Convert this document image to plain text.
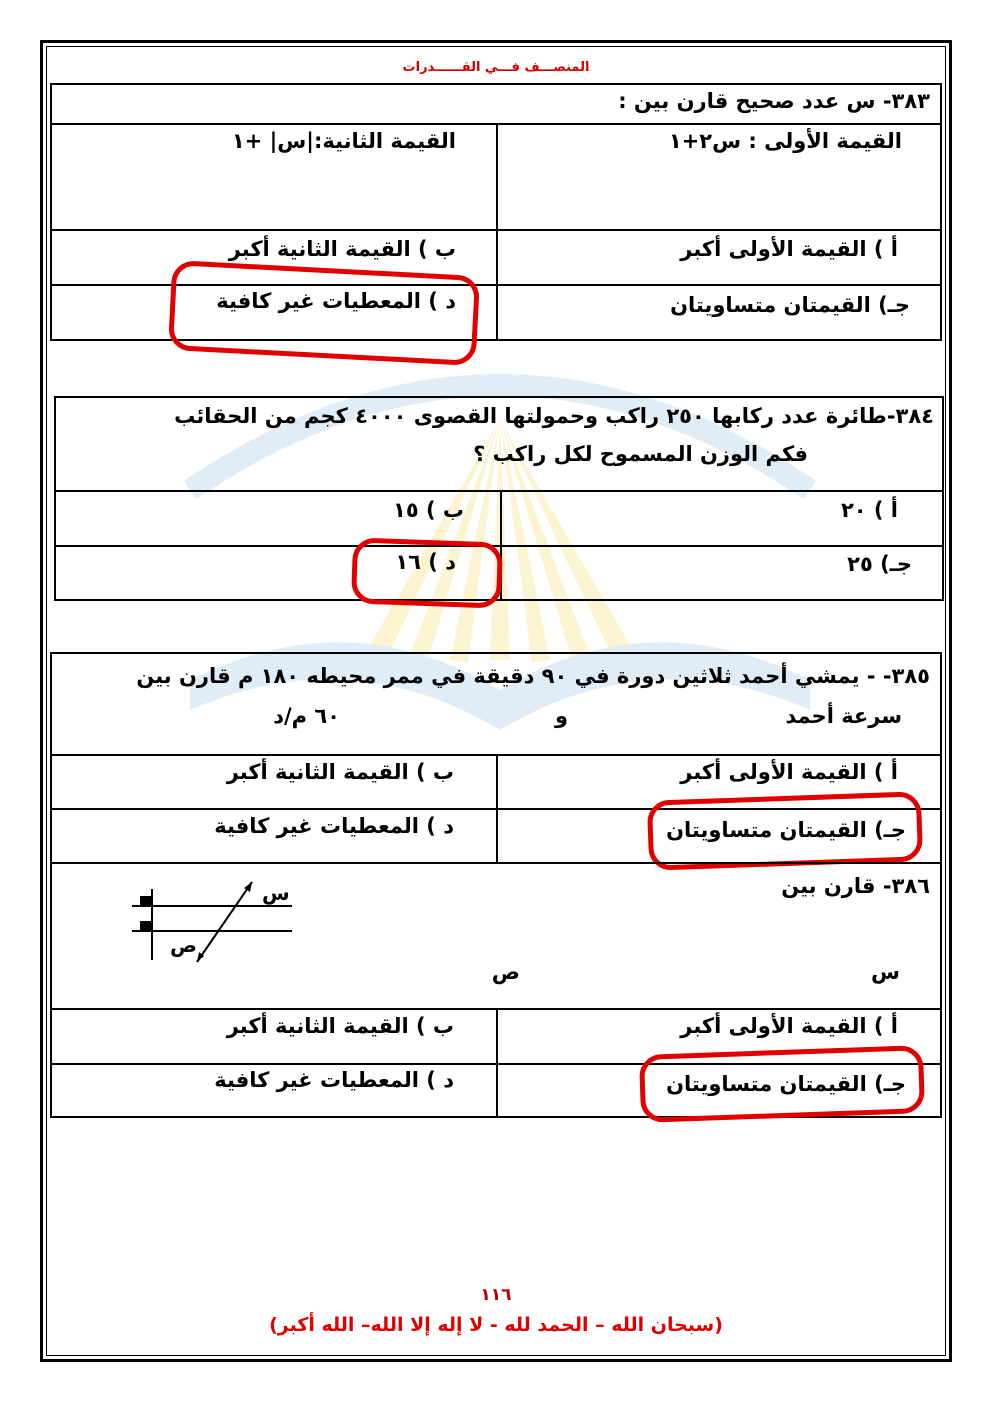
المنصـــف فـــي القــــــدرات
٣٨٣- س عدد صحيح قارن بين :
القيمة الأولى : س٢+١
القيمة الثانية:|س| +١
أ ) القيمة الأولى أكبر
ب ) القيمة الثانية أكبر
جـ) القيمتان متساويتان
د ) المعطيات غير كافية
٣٨٤-طائرة عدد ركابها ٢٥٠ راكب وحمولتها القصوى ٤٠٠٠ كجم من الحقائب
فكم الوزن المسموح لكل راكب ؟
أ ) ٢٠
ب ) ١٥
جـ) ٢٥
د ) ١٦
٣٨٥- - يمشي أحمد ثلاثين دورة في ٩٠ دقيقة في ممر محيطه ١٨٠ م قارن بين
سرعة أحمد
و
٦٠ م/د
أ ) القيمة الأولى أكبر
ب ) القيمة الثانية أكبر
جـ) القيمتان متساويتان
د ) المعطيات غير كافية
٣٨٦- قارن بين
س
ص
س
ص
أ ) القيمة الأولى أكبر
ب ) القيمة الثانية أكبر
جـ) القيمتان متساويتان
د ) المعطيات غير كافية
١١٦
(سبحان الله – الحمد لله - لا إله إلا الله– الله أكبر)
